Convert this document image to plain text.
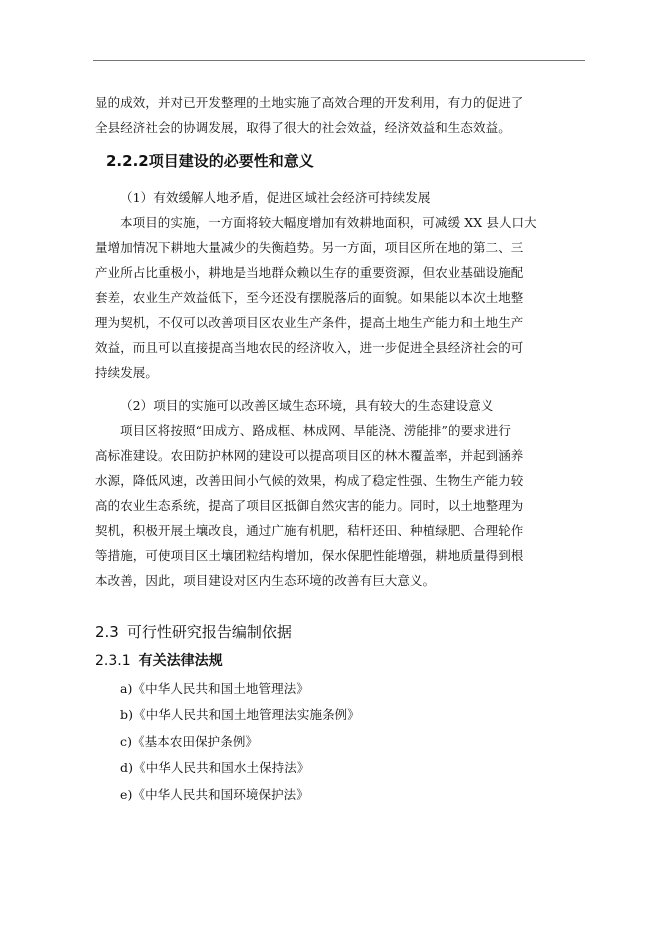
显的成效，并对已开发整理的土地实施了高效合理的开发利用，有力的促进了
全县经济社会的协调发展，取得了很大的社会效益，经济效益和生态效益。
2.2.2项目建设的必要性和意义
（1）有效缓解人地矛盾，促进区域社会经济可持续发展
本项目的实施，一方面将较大幅度增加有效耕地面积，可减缓 XX 县人口大
量增加情况下耕地大量减少的失衡趋势。另一方面，项目区所在地的第二、三
产业所占比重极小，耕地是当地群众赖以生存的重要资源，但农业基础设施配
套差，农业生产效益低下，至今还没有摆脱落后的面貌。如果能以本次土地整
理为契机，不仅可以改善项目区农业生产条件，提高土地生产能力和土地生产
效益，而且可以直接提高当地农民的经济收入，进一步促进全县经济社会的可
持续发展。
（2）项目的实施可以改善区域生态环境，具有较大的生态建设意义
项目区将按照“田成方、路成框、林成网、旱能浇、涝能排”的要求进行
高标准建设。农田防护林网的建设可以提高项目区的林木覆盖率，并起到涵养
水源，降低风速，改善田间小气候的效果，构成了稳定性强、生物生产能力较
高的农业生态系统，提高了项目区抵御自然灾害的能力。同时，以土地整理为
契机，积极开展土壤改良，通过广施有机肥，秸杆还田、种植绿肥、合理轮作
等措施，可使项目区土壤团粒结构增加，保水保肥性能增强，耕地质量得到根
本改善，因此，项目建设对区内生态环境的改善有巨大意义。
2.3 可行性研究报告编制依据
2.3.1 有关法律法规
a)《中华人民共和国土地管理法》
b)《中华人民共和国土地管理法实施条例》
c)《基本农田保护条例》
d)《中华人民共和国水土保持法》
e)《中华人民共和国环境保护法》
